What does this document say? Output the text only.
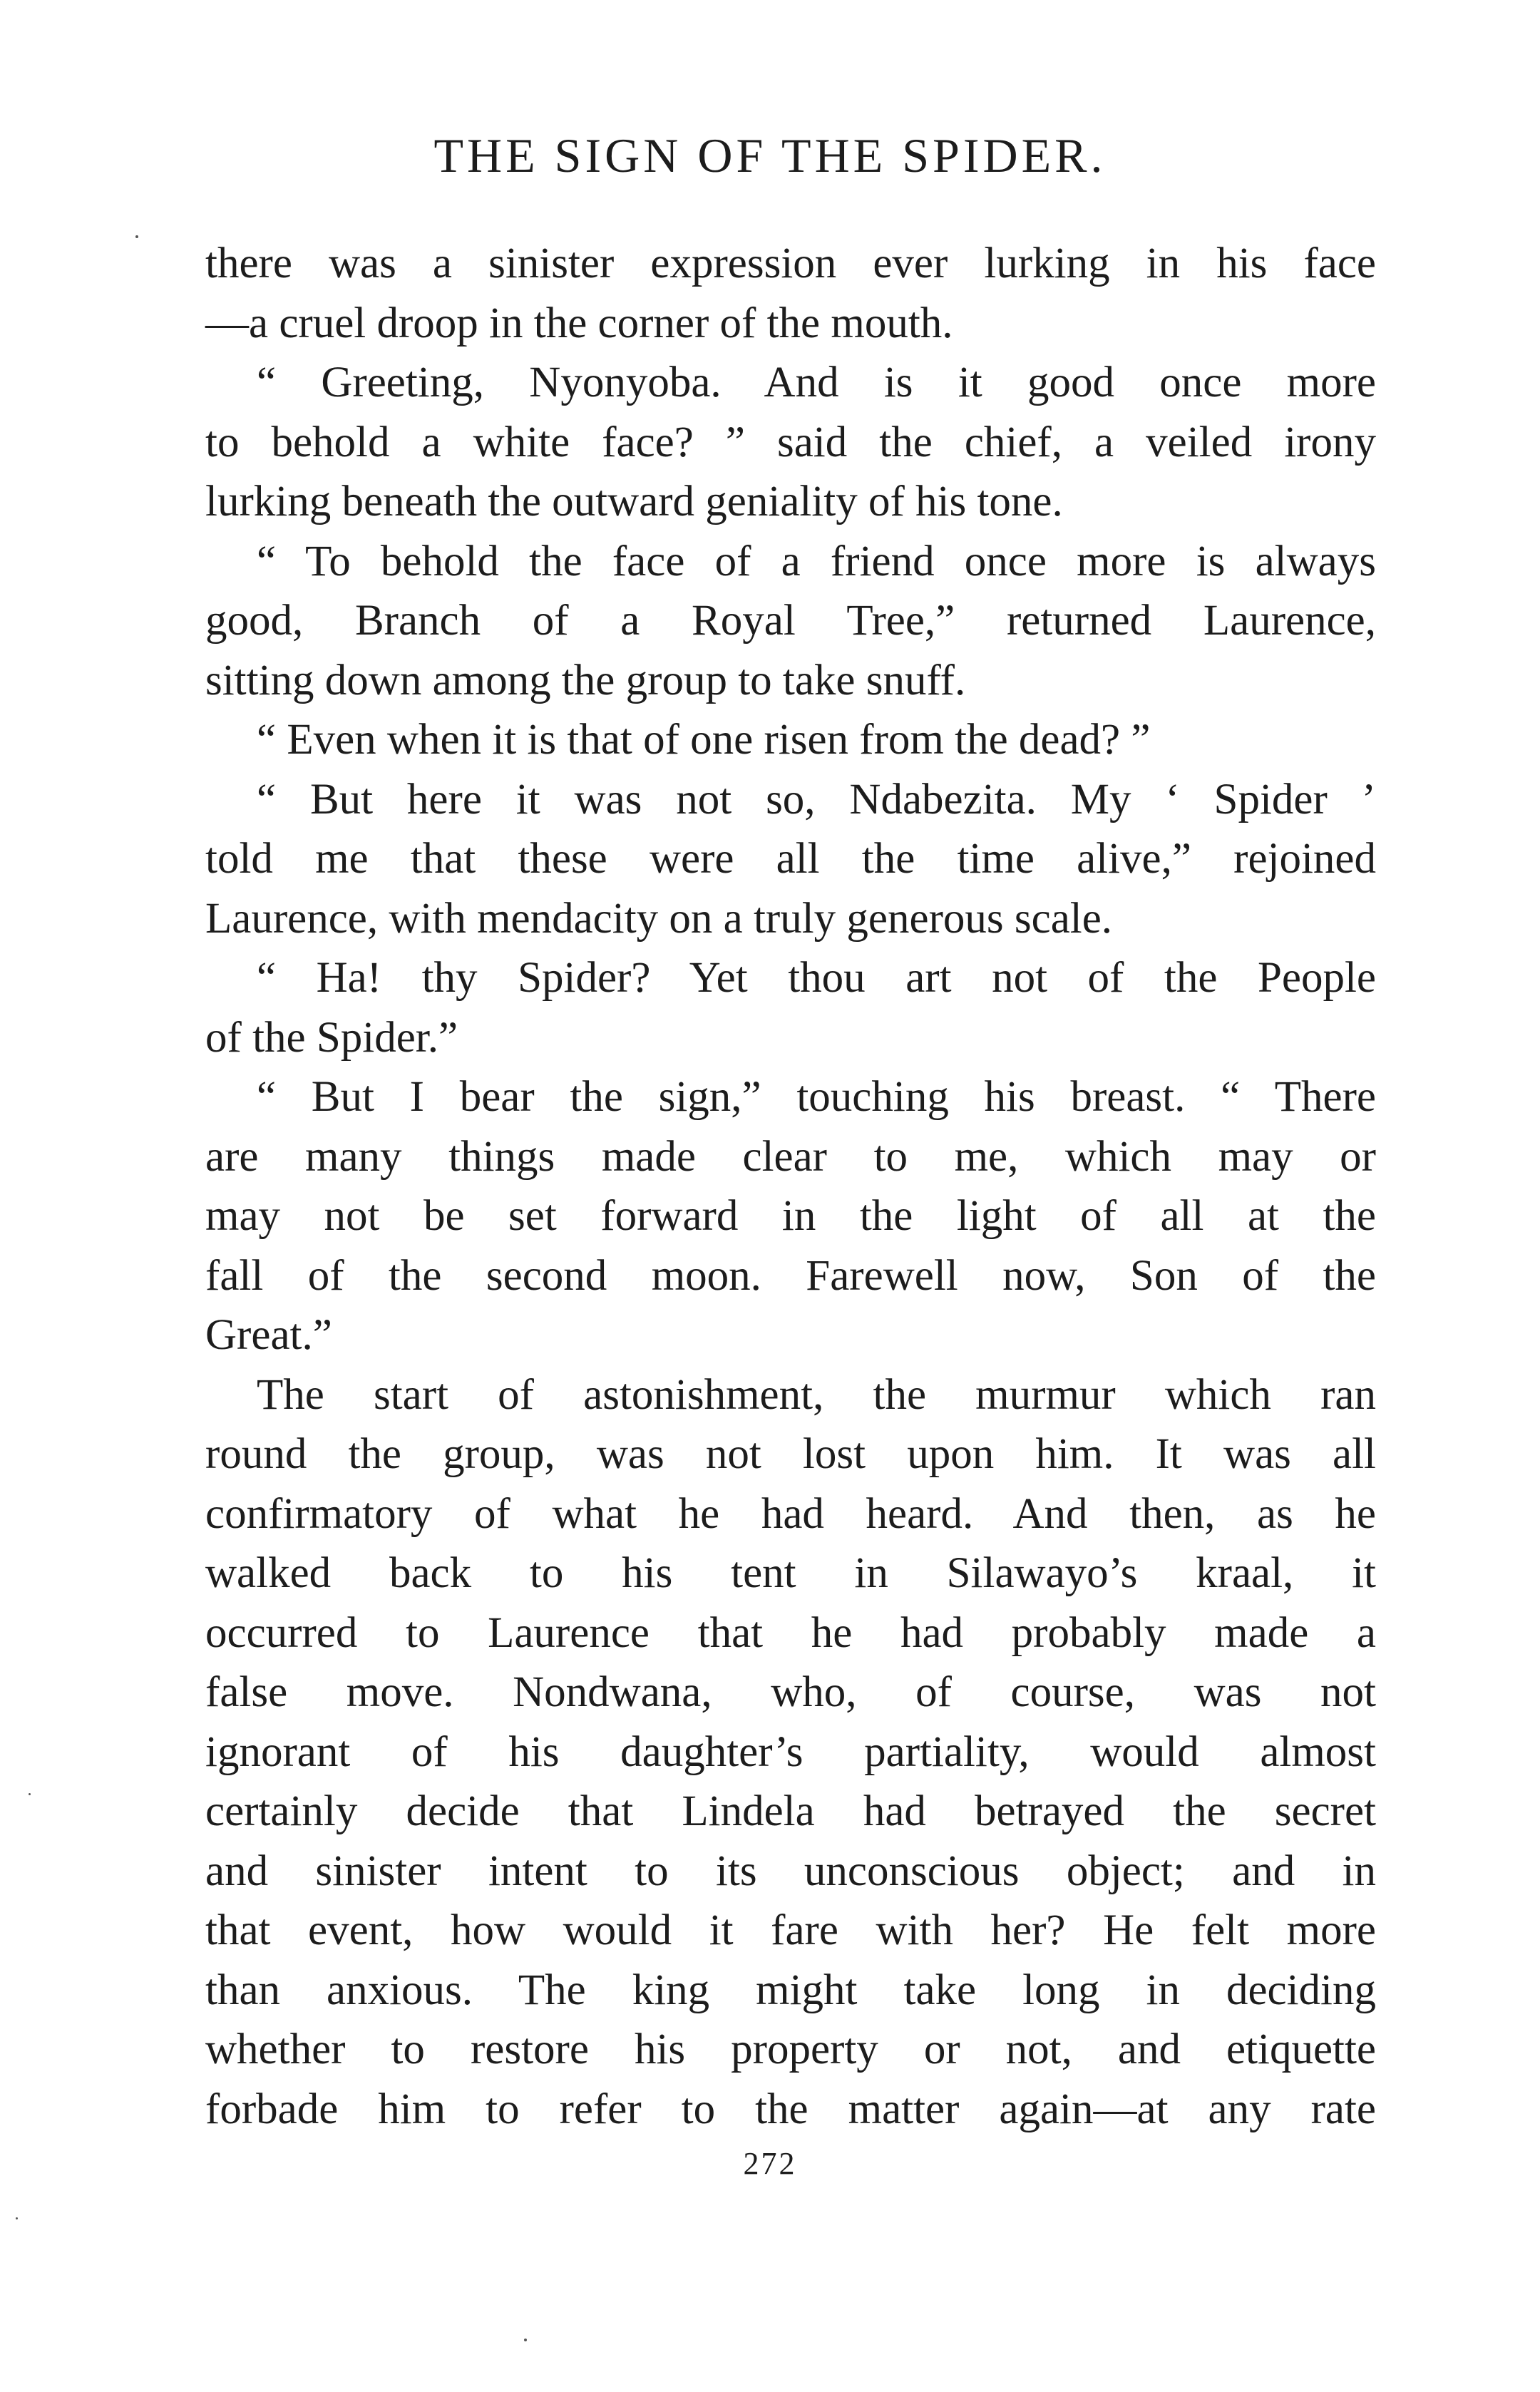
THE SIGN OF THE SPIDER.
there was a sinister expression ever lurking in his face
—a cruel droop in the corner of the mouth.
“ Greeting, Nyonyoba. And is it good once more
to behold a white face? ” said the chief, a veiled irony
lurking beneath the outward geniality of his tone.
“ To behold the face of a friend once more is always
good, Branch of a Royal Tree,” returned Laurence,
sitting down among the group to take snuff.
“ Even when it is that of one risen from the dead? ”
“ But here it was not so, Ndabezita. My ‘ Spider ’
told me that these were all the time alive,” rejoined
Laurence, with mendacity on a truly generous scale.
“ Ha! thy Spider? Yet thou art not of the People
of the Spider.”
“ But I bear the sign,” touching his breast. “ There
are many things made clear to me, which may or
may not be set forward in the light of all at the
fall of the second moon. Farewell now, Son of the
Great.”
The start of astonishment, the murmur which ran
round the group, was not lost upon him. It was all
confirmatory of what he had heard. And then, as he
walked back to his tent in Silawayo’s kraal, it
occurred to Laurence that he had probably made a
false move. Nondwana, who, of course, was not
ignorant of his daughter’s partiality, would almost
certainly decide that Lindela had betrayed the secret
and sinister intent to its unconscious object; and in
that event, how would it fare with her? He felt more
than anxious. The king might take long in deciding
whether to restore his property or not, and etiquette
forbade him to refer to the matter again—at any rate
272
